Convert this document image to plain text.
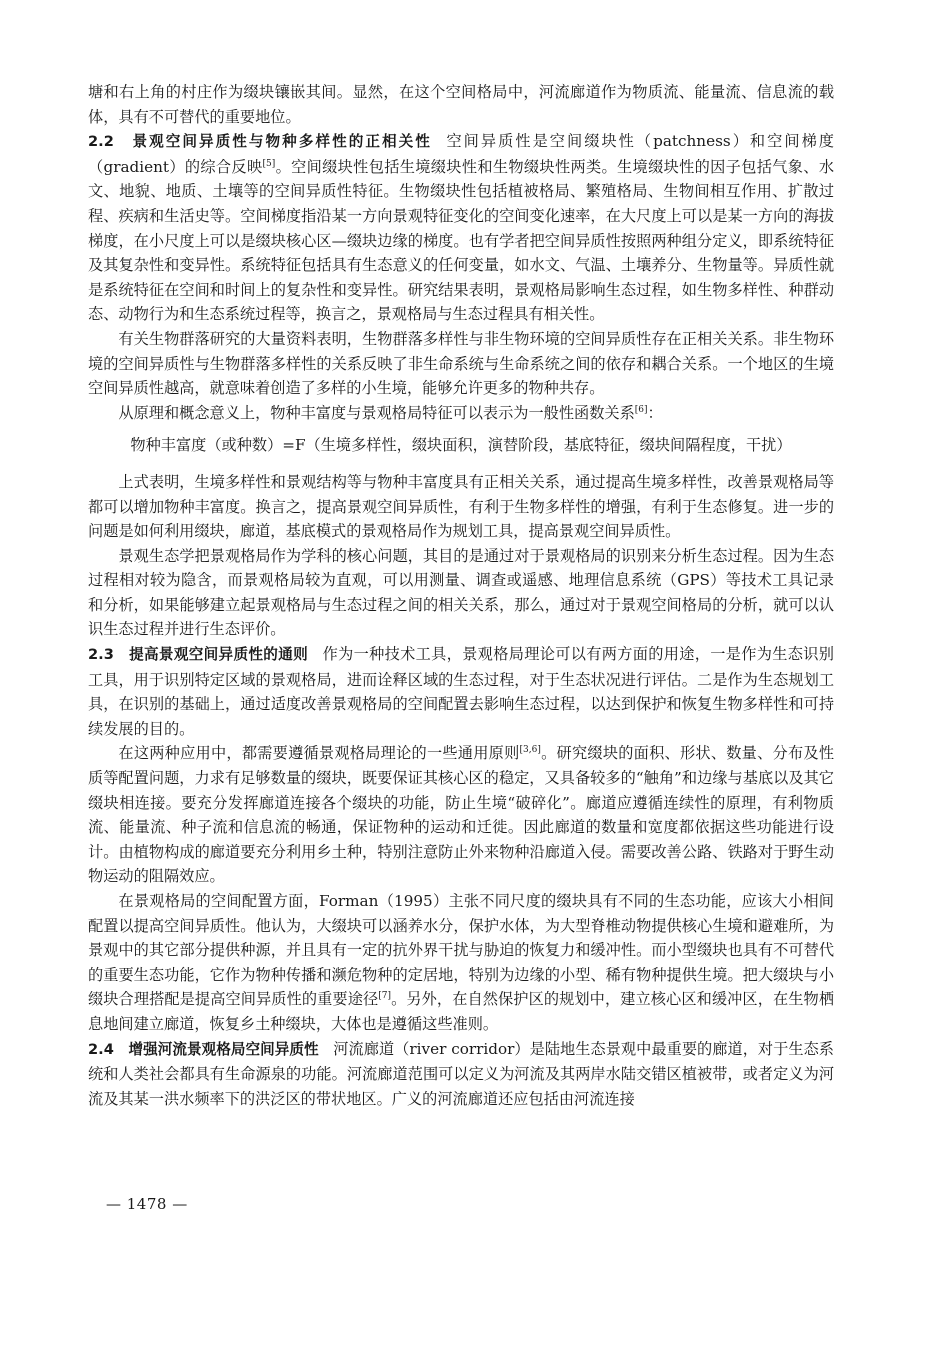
塘和右上角的村庄作为缀块镶嵌其间。显然，在这个空间格局中，河流廊道作为物质流、能量流、信息流的载体，具有不可替代的重要地位。

2.2　景观空间异质性与物种多样性的正相关性 空间异质性是空间缀块性（patchness）和空间梯度（gradient）的综合反映[5]。空间缀块性包括生境缀块性和生物缀块性两类。生境缀块性的因子包括气象、水文、地貌、地质、土壤等的空间异质性特征。生物缀块性包括植被格局、繁殖格局、生物间相互作用、扩散过程、疾病和生活史等。空间梯度指沿某一方向景观特征变化的空间变化速率，在大尺度上可以是某一方向的海拔梯度，在小尺度上可以是缀块核心区—缀块边缘的梯度。也有学者把空间异质性按照两种组分定义，即系统特征及其复杂性和变异性。系统特征包括具有生态意义的任何变量，如水文、气温、土壤养分、生物量等。异质性就是系统特征在空间和时间上的复杂性和变异性。研究结果表明，景观格局影响生态过程，如生物多样性、种群动态、动物行为和生态系统过程等，换言之，景观格局与生态过程具有相关性。

有关生物群落研究的大量资料表明，生物群落多样性与非生物环境的空间异质性存在正相关关系。非生物环境的空间异质性与生物群落多样性的关系反映了非生命系统与生命系统之间的依存和耦合关系。一个地区的生境空间异质性越高，就意味着创造了多样的小生境，能够允许更多的物种共存。

从原理和概念意义上，物种丰富度与景观格局特征可以表示为一般性函数关系[6]：

物种丰富度（或种数）=F（生境多样性，缀块面积，演替阶段，基底特征，缀块间隔程度，干扰）

上式表明，生境多样性和景观结构等与物种丰富度具有正相关关系，通过提高生境多样性，改善景观格局等都可以增加物种丰富度。换言之，提高景观空间异质性，有利于生物多样性的增强，有利于生态修复。进一步的问题是如何利用缀块，廊道，基底模式的景观格局作为规划工具，提高景观空间异质性。

景观生态学把景观格局作为学科的核心问题，其目的是通过对于景观格局的识别来分析生态过程。因为生态过程相对较为隐含，而景观格局较为直观，可以用测量、调查或遥感、地理信息系统（GPS）等技术工具记录和分析，如果能够建立起景观格局与生态过程之间的相关关系，那么，通过对于景观空间格局的分析，就可以认识生态过程并进行生态评价。

2.3　提高景观空间异质性的通则 作为一种技术工具，景观格局理论可以有两方面的用途，一是作为生态识别工具，用于识别特定区域的景观格局，进而诠释区域的生态过程，对于生态状况进行评估。二是作为生态规划工具，在识别的基础上，通过适度改善景观格局的空间配置去影响生态过程，以达到保护和恢复生物多样性和可持续发展的目的。

在这两种应用中，都需要遵循景观格局理论的一些通用原则[3,6]。研究缀块的面积、形状、数量、分布及性质等配置问题，力求有足够数量的缀块，既要保证其核心区的稳定，又具备较多的“触角”和边缘与基底以及其它缀块相连接。要充分发挥廊道连接各个缀块的功能，防止生境“破碎化”。廊道应遵循连续性的原理，有利物质流、能量流、种子流和信息流的畅通，保证物种的运动和迁徙。因此廊道的数量和宽度都依据这些功能进行设计。由植物构成的廊道要充分利用乡土种，特别注意防止外来物种沿廊道入侵。需要改善公路、铁路对于野生动物运动的阻隔效应。

在景观格局的空间配置方面，Forman（1995）主张不同尺度的缀块具有不同的生态功能，应该大小相间配置以提高空间异质性。他认为，大缀块可以涵养水分，保护水体，为大型脊椎动物提供核心生境和避难所，为景观中的其它部分提供种源，并且具有一定的抗外界干扰与胁迫的恢复力和缓冲性。而小型缀块也具有不可替代的重要生态功能，它作为物种传播和濒危物种的定居地，特别为边缘的小型、稀有物种提供生境。把大缀块与小缀块合理搭配是提高空间异质性的重要途径[7]。另外，在自然保护区的规划中，建立核心区和缓冲区，在生物栖息地间建立廊道，恢复乡土种缀块，大体也是遵循这些准则。

2.4　增强河流景观格局空间异质性 河流廊道（river corridor）是陆地生态景观中最重要的廊道，对于生态系统和人类社会都具有生命源泉的功能。河流廊道范围可以定义为河流及其两岸水陆交错区植被带，或者定义为河流及其某一洪水频率下的洪泛区的带状地区。广义的河流廊道还应包括由河流连接

— 1478 —
